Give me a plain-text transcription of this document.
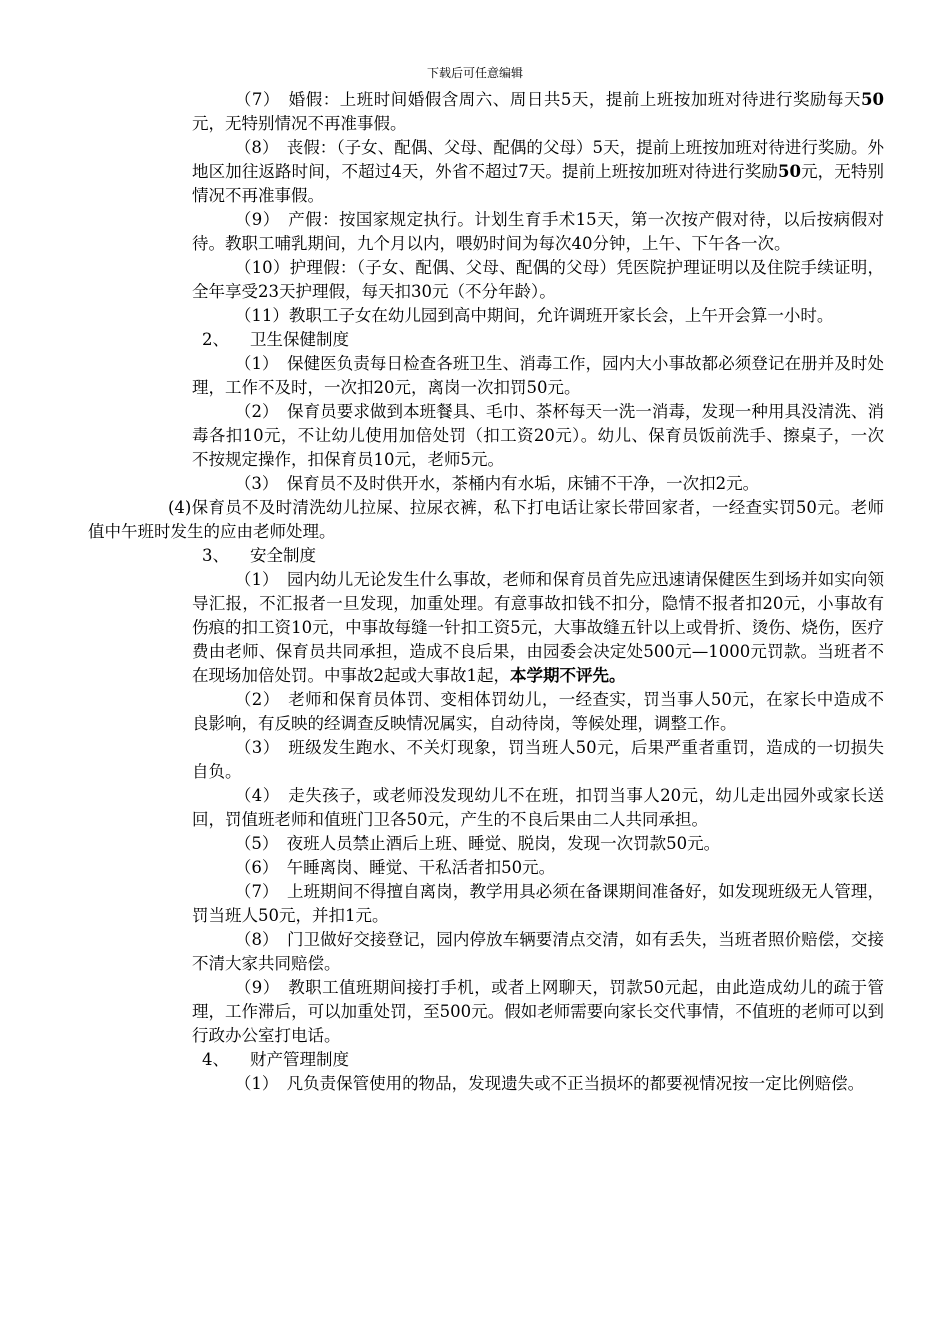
下载后可任意编辑

（7）　婚假：上班时间婚假含周六、周日共5天，提前上班按加班对待进行奖励每天50元，无特别情况不再准事假。

（8）　丧假：（子女、配偶、父母、配偶的父母）5天，提前上班按加班对待进行奖励。外地区加往返路时间，不超过4天，外省不超过7天。提前上班按加班对待进行奖励50元，无特别情况不再准事假。

（9）　产假：按国家规定执行。计划生育手术15天，第一次按产假对待，以后按病假对待。教职工哺乳期间，九个月以内，喂奶时间为每次40分钟，上午、下午各一次。

（10）护理假：（子女、配偶、父母、配偶的父母）凭医院护理证明以及住院手续证明，全年享受23天护理假，每天扣30元（不分年龄）。

（11）教职工子女在幼儿园到高中期间，允许调班开家长会，上午开会算一小时。

2、 卫生保健制度

（1）　保健医负责每日检查各班卫生、消毒工作，园内大小事故都必须登记在册并及时处理，工作不及时，一次扣20元，离岗一次扣罚50元。

（2）　保育员要求做到本班餐具、毛巾、茶杯每天一洗一消毒，发现一种用具没清洗、消毒各扣10元，不让幼儿使用加倍处罚（扣工资20元）。幼儿、保育员饭前洗手、擦桌子，一次不按规定操作，扣保育员10元，老师5元。

（3）　保育员不及时供开水，茶桶内有水垢，床铺不干净，一次扣2元。

(4)保育员不及时清洗幼儿拉屎、拉尿衣裤，私下打电话让家长带回家者，一经查实罚50元。老师值中午班时发生的应由老师处理。

3、 安全制度

（1）　园内幼儿无论发生什么事故，老师和保育员首先应迅速请保健医生到场并如实向领导汇报，不汇报者一旦发现，加重处理。有意事故扣钱不扣分，隐情不报者扣20元，小事故有伤痕的扣工资10元，中事故每缝一针扣工资5元，大事故缝五针以上或骨折、烫伤、烧伤，医疗费由老师、保育员共同承担，造成不良后果，由园委会决定处500元—1000元罚款。当班者不在现场加倍处罚。中事故2起或大事故1起，本学期不评先。

（2）　老师和保育员体罚、变相体罚幼儿，一经查实，罚当事人50元，在家长中造成不良影响，有反映的经调查反映情况属实，自动待岗，等候处理，调整工作。

（3）　班级发生跑水、不关灯现象，罚当班人50元，后果严重者重罚，造成的一切损失自负。

（4）　走失孩子，或老师没发现幼儿不在班，扣罚当事人20元，幼儿走出园外或家长送回，罚值班老师和值班门卫各50元，产生的不良后果由二人共同承担。

（5）　夜班人员禁止酒后上班、睡觉、脱岗，发现一次罚款50元。

（6）　午睡离岗、睡觉、干私活者扣50元。

（7）　上班期间不得擅自离岗，教学用具必须在备课期间准备好，如发现班级无人管理，罚当班人50元，并扣1元。

（8）　门卫做好交接登记，园内停放车辆要清点交清，如有丢失，当班者照价赔偿，交接不清大家共同赔偿。

（9）　教职工值班期间接打手机，或者上网聊天，罚款50元起，由此造成幼儿的疏于管理，工作滞后，可以加重处罚，至500元。假如老师需要向家长交代事情，不值班的老师可以到行政办公室打电话。

4、 财产管理制度

（1）　凡负责保管使用的物品，发现遗失或不正当损坏的都要视情况按一定比例赔偿。
